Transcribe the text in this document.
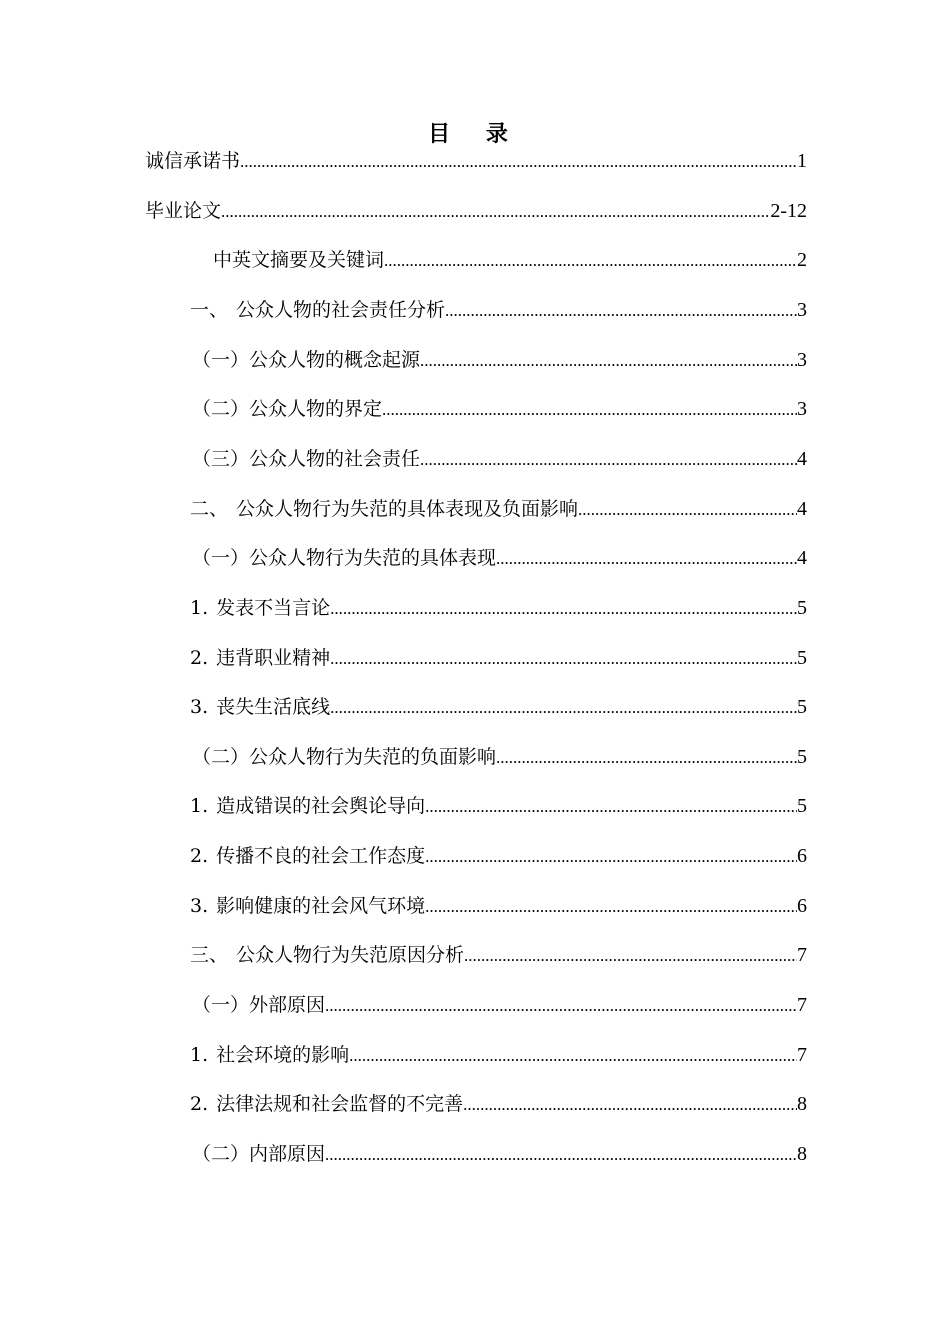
目 录
诚信承诺书 .....	1
毕业论文 .....	2-12
中英文摘要及关键词 .....	2
一、 公众人物的社会责任分析 .....	3
（一） 公众人物的概念起源 .....	3
（二） 公众人物的界定 .....	3
（三） 公众人物的社会责任 .....	4
二、 公众人物行为失范的具体表现及负面影响 .....	4
（一） 公众人物行为失范的具体表现 .....	4
1. 发表不当言论 .....	5
2. 违背职业精神 .....	5
3. 丧失生活底线 .....	5
（二） 公众人物行为失范的负面影响 .....	5
1. 造成错误的社会舆论导向 .....	5
2. 传播不良的社会工作态度 .....	6
3. 影响健康的社会风气环境 .....	6
三、 公众人物行为失范原因分析 .....	7
（一） 外部原因 .....	7
1. 社会环境的影响 .....	7
2. 法律法规和社会监督的不完善 .....	8
（二） 内部原因 .....	8
